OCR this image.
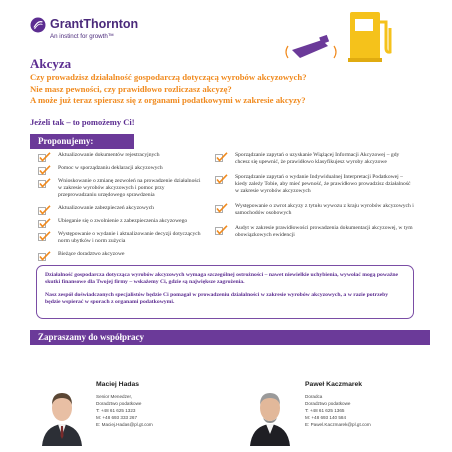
GrantThornton
An instinct for growth™
Akcyza
Czy prowadzisz działalność gospodarczą dotyczącą wyrobów akcyzowych?
Nie masz pewności, czy prawidłowo rozliczasz akcyzę?
A może już teraz spierasz się z organami podatkowymi w zakresie akcyzy?
Jeżeli tak – to pomożemy Ci!
Proponujemy:
Aktualizowanie dokumentów rejestracyjnych
Pomoc w sporządzaniu deklaracji akcyzowych
Wnioskowanie o zmianę zezwoleń na prowadzenie działalności w zakresie wyrobów akcyzowych i pomoc przy przeprowadzaniu urzędowego sprawdzenia
Aktualizowanie zabezpieczeń akcyzowych
Ubieganie się o zwolnienie z zabezpieczenia akcyzowego
Występowanie o wydanie i aktualizowanie decyzji dotyczących norm ubytków i norm zużycia
Bieżące doradztwo akcyzowe
Sporządzanie zapytań o uzyskanie Wiążącej Informacji Akcyzowej – gdy chcesz się upewnić, że prawidłowo klasyfikujesz wyroby akcyzowe
Sporządzanie zapytań o wydanie Indywidualnej Interpretacji Podatkowej – kiedy zależy Tobie, aby mieć pewność, że prawidłowo prowadzisz działalność w zakresie wyrobów akcyzowych
Występowanie o zwrot akcyzy z tytułu wywozu z kraju wyrobów akcyzowych i samochodów osobowych
Audyt w zakresie prawidłowości prowadzenia dokumentacji akcyzowej, w tym obowiązkowych ewidencji

Działalność gospodarcza dotycząca wyrobów akcyzowych wymaga szczególnej ostrożności – nawet niewielkie uchybienia, wywołać mogą poważne skutki finansowe dla Twojej firmy – wskażemy Ci, gdzie są największe zagrożenia.

Nasz zespół doświadczonych specjalistów będzie Ci pomagał w prowadzeniu działalności w zakresie wyrobów akcyzowych, a w razie potrzeby będzie wspierać w sporach z organami podatkowymi.

Zapraszamy do współpracy
Maciej Hadas
Senior Menedzer,
Doradztwo podatkowe
T: +48 61 625 1323
M: +48 693 333 267
E: Maciej.Hadas@pl.gt.com
Paweł Kaczmarek
Doradca
Doradztwo podatkowe
T: +48 61 625 1365
M: +48 693 140 584
E: Pawel.Kaczmarek@pl.gt.com
